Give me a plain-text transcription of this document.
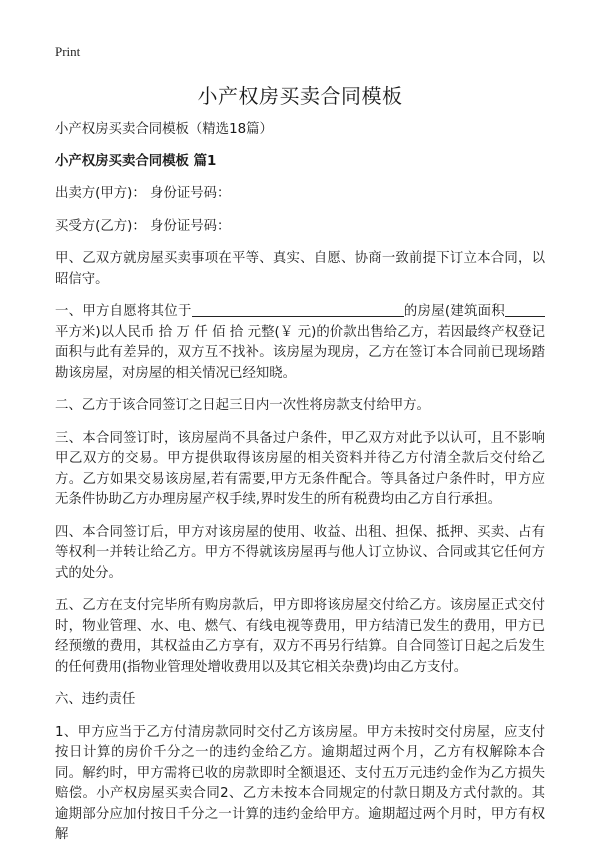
Print
小产权房买卖合同模板

小产权房买卖合同模板（精选18篇）

小产权房买卖合同模板 篇1

出卖方(甲方)： 身份证号码：

买受方(乙方)： 身份证号码：

甲、乙双方就房屋买卖事项在平等、真实、自愿、协商一致前提下订立本合同，以昭信守。

一、甲方自愿将其位于	的房屋(建筑面积平方米)以人民币 拾 万 仟 佰 拾 元整(￥ 元)的价款出售给乙方，若因最终产权登记面积与此有差异的，双方互不找补。该房屋为现房，乙方在签订本合同前已现场踏勘该房屋，对房屋的相关情况已经知晓。

二、乙方于该合同签订之日起三日内一次性将房款支付给甲方。

三、本合同签订时，该房屋尚不具备过户条件，甲乙双方对此予以认可，且不影响甲乙双方的交易。甲方提供取得该房屋的相关资料并待乙方付清全款后交付给乙方。乙方如果交易该房屋,若有需要,甲方无条件配合。等具备过户条件时，甲方应无条件协助乙方办理房屋产权手续,界时发生的所有税费均由乙方自行承担。

四、本合同签订后，甲方对该房屋的使用、收益、出租、担保、抵押、买卖、占有等权利一并转让给乙方。甲方不得就该房屋再与他人订立协议、合同或其它任何方式的处分。

五、乙方在支付完毕所有购房款后，甲方即将该房屋交付给乙方。该房屋正式交付时，物业管理、水、电、燃气、有线电视等费用，甲方结清已发生的费用，甲方已经预缴的费用，其权益由乙方享有，双方不再另行结算。自合同签订日起之后发生的任何费用(指物业管理处增收费用以及其它相关杂费)均由乙方支付。

六、违约责任

1、甲方应当于乙方付清房款同时交付乙方该房屋。甲方未按时交付房屋，应支付按日计算的房价千分之一的违约金给乙方。逾期超过两个月，乙方有权解除本合同。解约时，甲方需将已收的房款即时全额退还、支付五万元违约金作为乙方损失赔偿。小产权房屋买卖合同2、乙方未按本合同规定的付款日期及方式付款的。其逾期部分应加付按日千分之一计算的违约金给甲方。逾期超过两个月时，甲方有权解
